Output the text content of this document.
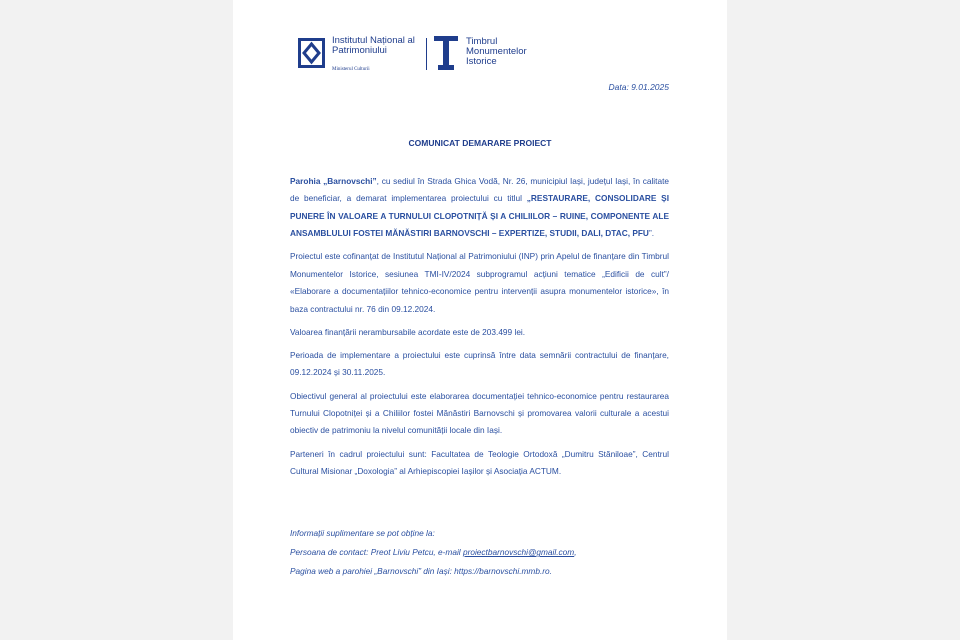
Institutul Național al
Patrimoniului
Ministerul Culturii
Timbrul
Monumentelor
Istorice
Data: 9.01.2025
COMUNICAT DEMARARE PROIECT

Parohia „Barnovschi”, cu sediul în Strada Ghica Vodă, Nr. 26, municipiul Iași, județul Iași, în calitate de beneficiar, a demarat implementarea proiectului cu titlul „RESTAURARE, CONSOLIDARE ȘI PUNERE ÎN VALOARE A TURNULUI CLOPOTNIȚĂ ȘI A CHILIILOR – RUINE, COMPONENTE ALE ANSAMBLULUI FOSTEI MĂNĂSTIRI BARNOVSCHI – EXPERTIZE, STUDII, DALI, DTAC, PFU”.

Proiectul este cofinanțat de Institutul Național al Patrimoniului (INP) prin Apelul de finanțare din Timbrul Monumentelor Istorice, sesiunea TMI-IV/2024 subprogramul acțiuni tematice „Edificii de cult”/ «Elaborare a documentațiilor tehnico-economice pentru intervenții asupra monumentelor istorice», în baza contractului nr. 76 din 09.12.2024.

Valoarea finanțării nerambursabile acordate este de 203.499 lei.

Perioada de implementare a proiectului este cuprinsă între data semnării contractului de finanțare, 09.12.2024 și 30.11.2025.

Obiectivul general al proiectului este elaborarea documentației tehnico-economice pentru restaurarea Turnului Clopotniței și a Chiliilor fostei Mănăstiri Barnovschi și promovarea valorii culturale a acestui obiectiv de patrimoniu la nivelul comunității locale din Iași.

Parteneri în cadrul proiectului sunt: Facultatea de Teologie Ortodoxă „Dumitru Stăniloae”, Centrul Cultural Misionar „Doxologia” al Arhiepiscopiei Iașilor și Asociația ACTUM.

Informații suplimentare se pot obține la:
Persoana de contact: Preot Liviu Petcu, e-mail proiectbarnovschi@gmail.com,
Pagina web a parohiei „Barnovschi” din Iași: https://barnovschi.mmb.ro.
